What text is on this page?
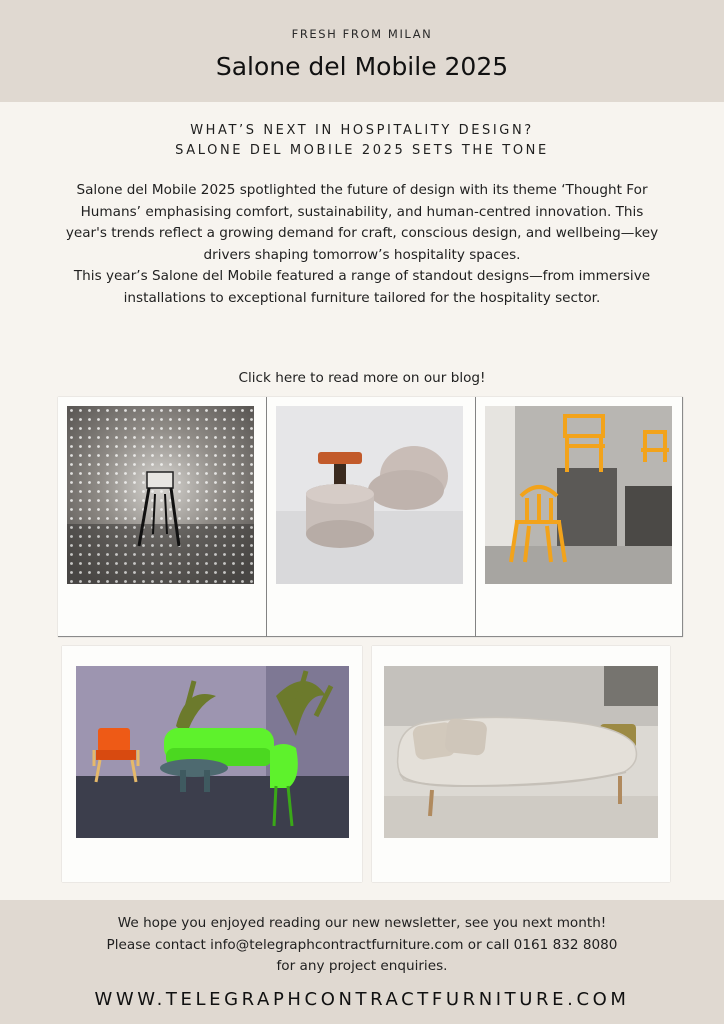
FRESH FROM MILAN
Salone del Mobile 2025
WHAT’S NEXT IN HOSPITALITY DESIGN?
SALONE DEL MOBILE 2025 SETS THE TONE

Salone del Mobile 2025 spotlighted the future of design with its theme ‘Thought For Humans’ emphasising comfort, sustainability, and human-centred innovation. This year's trends reflect a growing demand for craft, conscious design, and wellbeing—key drivers shaping tomorrow’s hospitality spaces.

This year’s Salone del Mobile featured a range of standout designs—from immersive installations to exceptional furniture tailored for the hospitality sector.

Click here to read more on our blog!
We hope you enjoyed reading our new newsletter, see you next month!
Please contact info@telegraphcontractfurniture.com or call 0161 832 8080
for any project enquiries.
WWW.TELEGRAPHCONTRACTFURNITURE.COM
